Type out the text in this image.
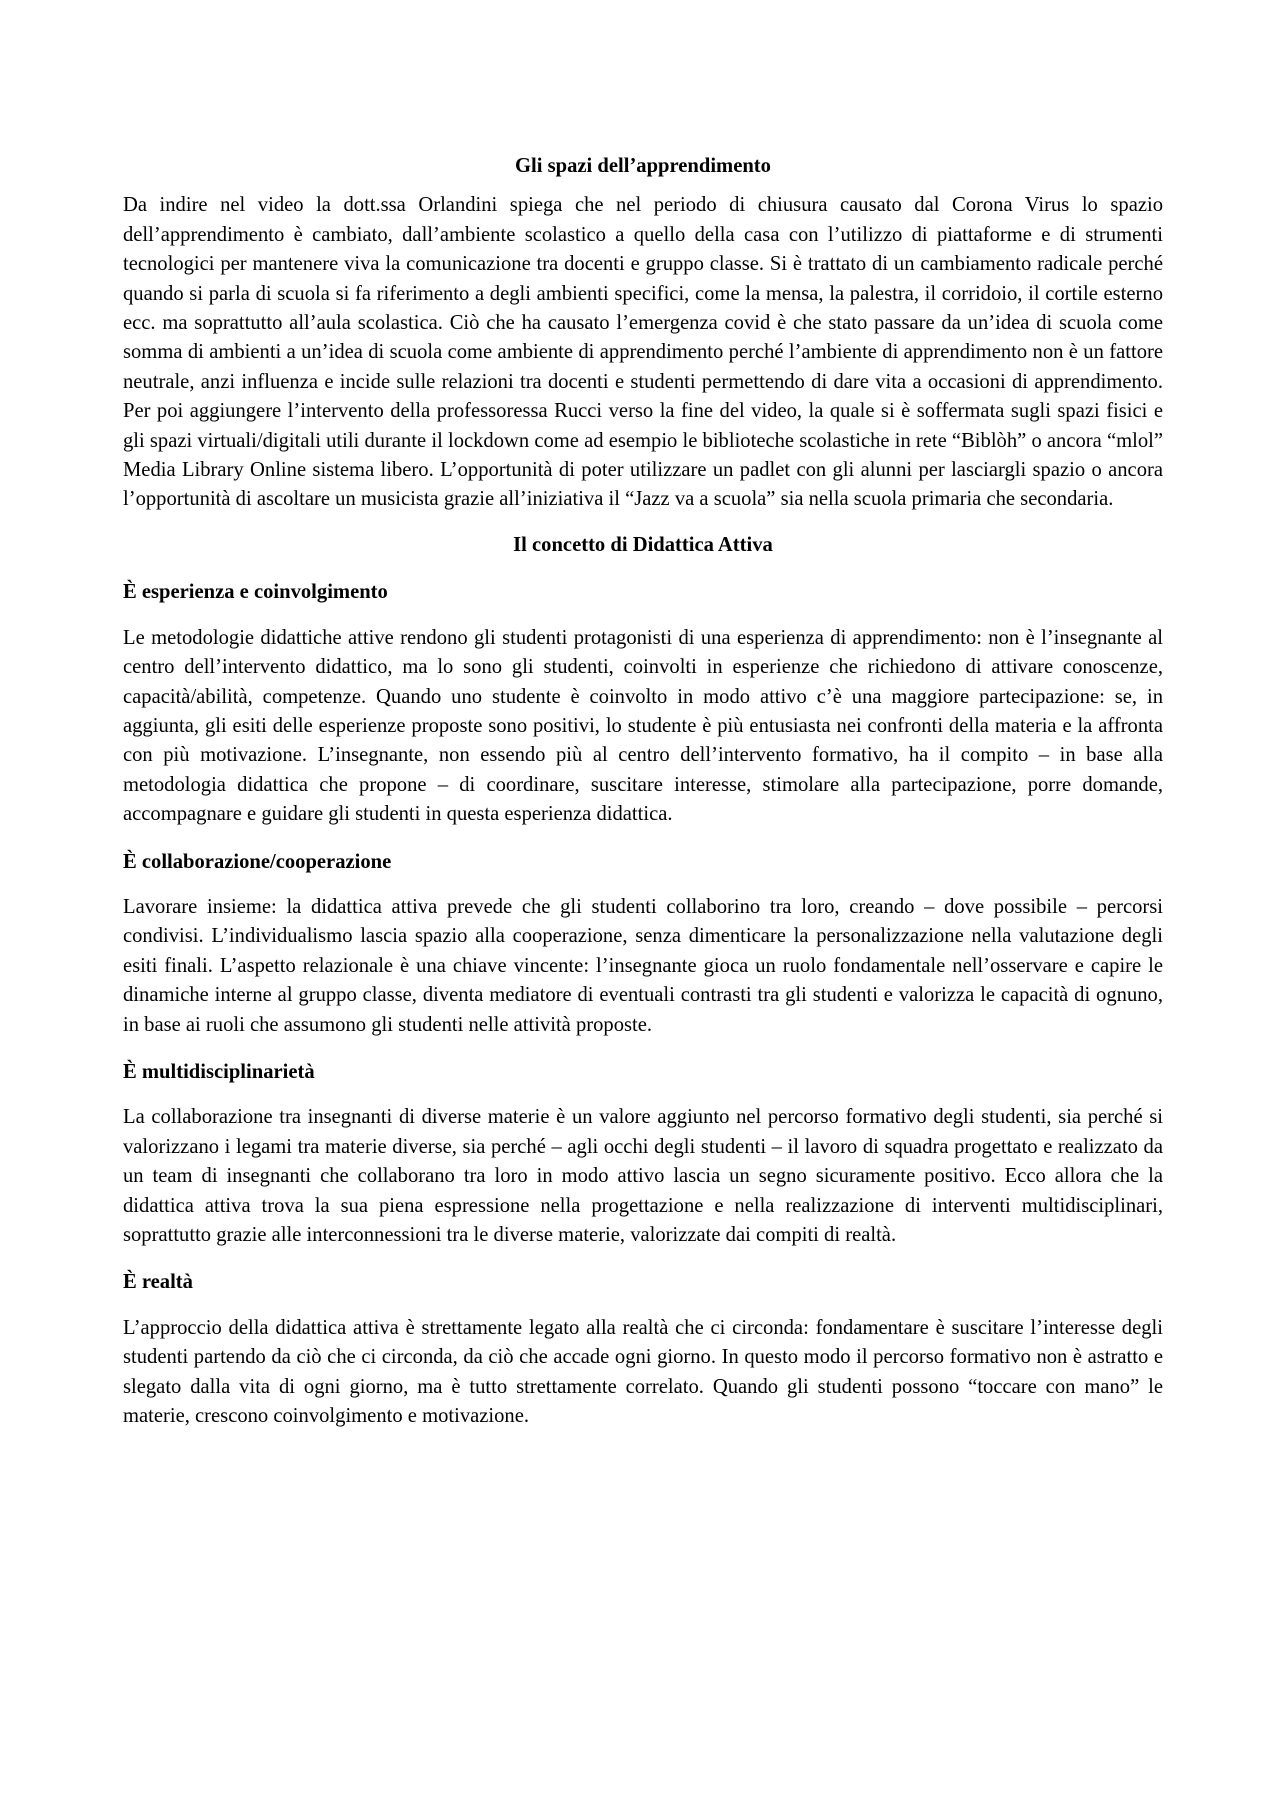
Gli spazi dell’apprendimento

Da indire nel video la dott.ssa Orlandini spiega che nel periodo di chiusura causato dal Corona Virus lo spazio dell’apprendimento è cambiato, dall’ambiente scolastico a quello della casa con l’utilizzo di piattaforme e di strumenti tecnologici per mantenere viva la comunicazione tra docenti e gruppo classe. Si è trattato di un cambiamento radicale perché quando si parla di scuola si fa riferimento a degli ambienti specifici, come la mensa, la palestra, il corridoio, il cortile esterno ecc. ma soprattutto all’aula scolastica. Ciò che ha causato l’emergenza covid è che stato passare da un’idea di scuola come somma di ambienti a un’idea di scuola come ambiente di apprendimento perché l’ambiente di apprendimento non è un fattore neutrale, anzi influenza e incide sulle relazioni tra docenti e studenti permettendo di dare vita a occasioni di apprendimento. Per poi aggiungere l’intervento della professoressa Rucci verso la fine del video, la quale si è soffermata sugli spazi fisici e gli spazi virtuali/digitali utili durante il lockdown come ad esempio le biblioteche scolastiche in rete “Biblòh” o ancora “mlol” Media Library Online sistema libero. L’opportunità di poter utilizzare un padlet con gli alunni per lasciargli spazio o ancora l’opportunità di ascoltare un musicista grazie all’iniziativa il “Jazz va a scuola” sia nella scuola primaria che secondaria.

Il concetto di Didattica Attiva

È esperienza e coinvolgimento

Le metodologie didattiche attive rendono gli studenti protagonisti di una esperienza di apprendimento: non è l’insegnante al centro dell’intervento didattico, ma lo sono gli studenti, coinvolti in esperienze che richiedono di attivare conoscenze, capacità/abilità, competenze. Quando uno studente è coinvolto in modo attivo c’è una maggiore partecipazione: se, in aggiunta, gli esiti delle esperienze proposte sono positivi, lo studente è più entusiasta nei confronti della materia e la affronta con più motivazione. L’insegnante, non essendo più al centro dell’intervento formativo, ha il compito – in base alla metodologia didattica che propone – di coordinare, suscitare interesse, stimolare alla partecipazione, porre domande, accompagnare e guidare gli studenti in questa esperienza didattica.

È collaborazione/cooperazione

Lavorare insieme: la didattica attiva prevede che gli studenti collaborino tra loro, creando – dove possibile – percorsi condivisi. L’individualismo lascia spazio alla cooperazione, senza dimenticare la personalizzazione nella valutazione degli esiti finali. L’aspetto relazionale è una chiave vincente: l’insegnante gioca un ruolo fondamentale nell’osservare e capire le dinamiche interne al gruppo classe, diventa mediatore di eventuali contrasti tra gli studenti e valorizza le capacità di ognuno, in base ai ruoli che assumono gli studenti nelle attività proposte.

È multidisciplinarietà

La collaborazione tra insegnanti di diverse materie è un valore aggiunto nel percorso formativo degli studenti, sia perché si valorizzano i legami tra materie diverse, sia perché – agli occhi degli studenti – il lavoro di squadra progettato e realizzato da un team di insegnanti che collaborano tra loro in modo attivo lascia un segno sicuramente positivo. Ecco allora che la didattica attiva trova la sua piena espressione nella progettazione e nella realizzazione di interventi multidisciplinari, soprattutto grazie alle interconnessioni tra le diverse materie, valorizzate dai compiti di realtà.

È realtà

L’approccio della didattica attiva è strettamente legato alla realtà che ci circonda: fondamentare è suscitare l’interesse degli studenti partendo da ciò che ci circonda, da ciò che accade ogni giorno. In questo modo il percorso formativo non è astratto e slegato dalla vita di ogni giorno, ma è tutto strettamente correlato. Quando gli studenti possono “toccare con mano” le materie, crescono coinvolgimento e motivazione.
